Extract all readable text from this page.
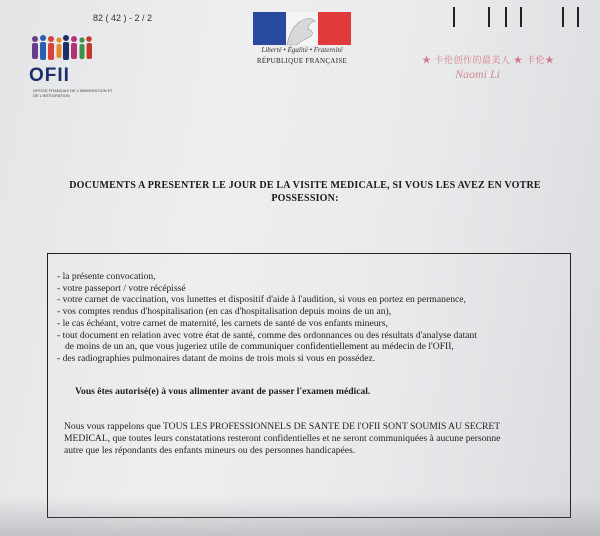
82 ( 42 ) - 2 / 2
OFII
OFFICE FRANÇAIS DE L'IMMIGRATION ET DE L'INTÉGRATION
Liberté • Égalité • Fraternité
RÉPUBLIQUE FRANÇAISE	★ 卡伦创作的最美人 ★ 卡伦★
Naomi Li
DOCUMENTS A PRESENTER LE JOUR DE LA VISITE MEDICALE, SI VOUS LES AVEZ EN VOTRE
POSSESSION:
- la présente convocation,
- votre passeport / votre récépissé
- votre carnet de vaccination, vos lunettes et dispositif d'aide à l'audition, si vous en portez en permanence,
- vos comptes rendus d'hospitalisation (en cas d'hospitalisation depuis moins de un an),
- le cas échéant, votre carnet de maternité, les carnets de santé de vos enfants mineurs,
- tout document en relation avec votre état de santé, comme des ordonnances ou des résultats d'analyse datant
de moins de un an, que vous jugeriez utile de communiquer confidentiellement au médecin de l'OFII,
- des radiographies pulmonaires datant de moins de trois mois si vous en possédez.
Vous êtes autorisé(e) à vous alimenter avant de passer l'examen médical.
Nous vous rappelons que TOUS LES PROFESSIONNELS DE SANTE DE l'OFII SONT SOUMIS AU SECRET
MEDICAL, que toutes leurs constatations resteront confidentielles et ne seront communiquées à aucune personne
autre que les répondants des enfants mineurs ou des personnes handicapées.
